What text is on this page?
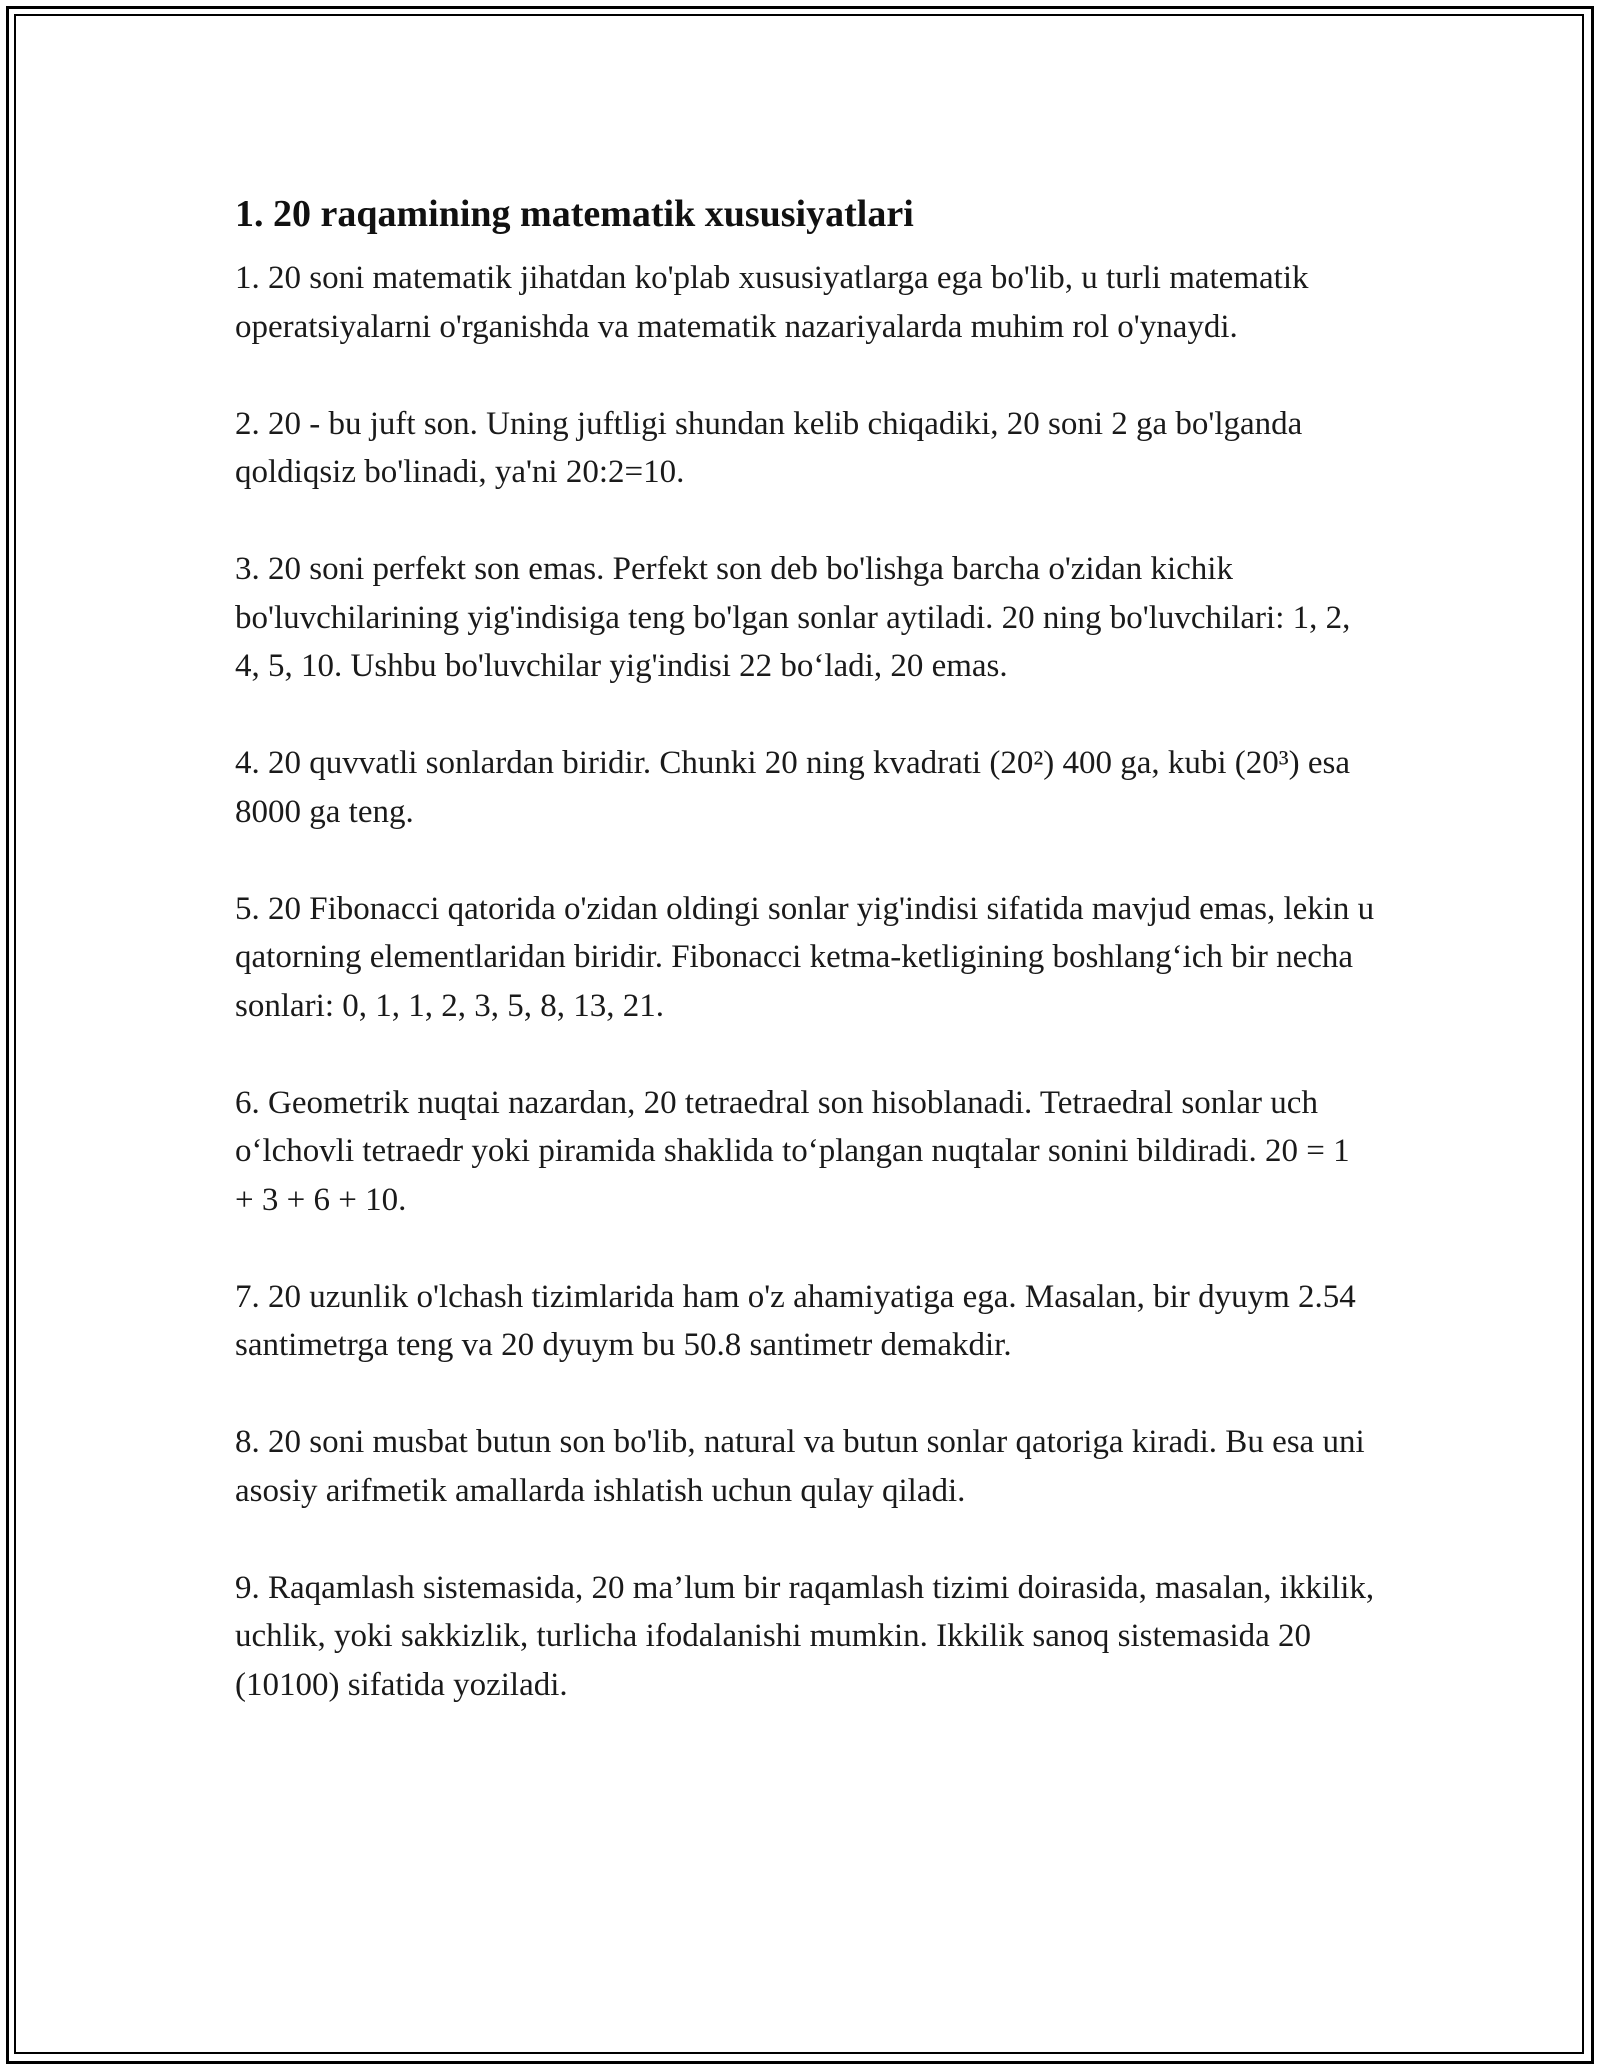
1. 20 raqamining matematik xususiyatlari

1. 20 soni matematik jihatdan ko'plab xususiyatlarga ega bo'lib, u turli matematik operatsiyalarni o'rganishda va matematik nazariyalarda muhim rol o'ynaydi.

2. 20 - bu juft son. Uning juftligi shundan kelib chiqadiki, 20 soni 2 ga bo'lganda qoldiqsiz bo'linadi, ya'ni 20:2=10.

3. 20 soni perfekt son emas. Perfekt son deb bo'lishga barcha o'zidan kichik bo'luvchilarining yig'indisiga teng bo'lgan sonlar aytiladi. 20 ning bo'luvchilari: 1, 2, 4, 5, 10. Ushbu bo'luvchilar yig'indisi 22 bo‘ladi, 20 emas.

4. 20 quvvatli sonlardan biridir. Chunki 20 ning kvadrati (20²) 400 ga, kubi (20³) esa 8000 ga teng.

5. 20 Fibonacci qatorida o'zidan oldingi sonlar yig'indisi sifatida mavjud emas, lekin u qatorning elementlaridan biridir. Fibonacci ketma-ketligining boshlang‘ich bir necha sonlari: 0, 1, 1, 2, 3, 5, 8, 13, 21.

6. Geometrik nuqtai nazardan, 20 tetraedral son hisoblanadi. Tetraedral sonlar uch o‘lchovli tetraedr yoki piramida shaklida to‘plangan nuqtalar sonini bildiradi. 20 = 1 + 3 + 6 + 10.

7. 20 uzunlik o'lchash tizimlarida ham o'z ahamiyatiga ega. Masalan, bir dyuym 2.54 santimetrga teng va 20 dyuym bu 50.8 santimetr demakdir.

8. 20 soni musbat butun son bo'lib, natural va butun sonlar qatoriga kiradi. Bu esa uni asosiy arifmetik amallarda ishlatish uchun qulay qiladi.

9. Raqamlash sistemasida, 20 ma’lum bir raqamlash tizimi doirasida, masalan, ikkilik, uchlik, yoki sakkizlik, turlicha ifodalanishi mumkin. Ikkilik sanoq sistemasida 20 (10100) sifatida yoziladi.
